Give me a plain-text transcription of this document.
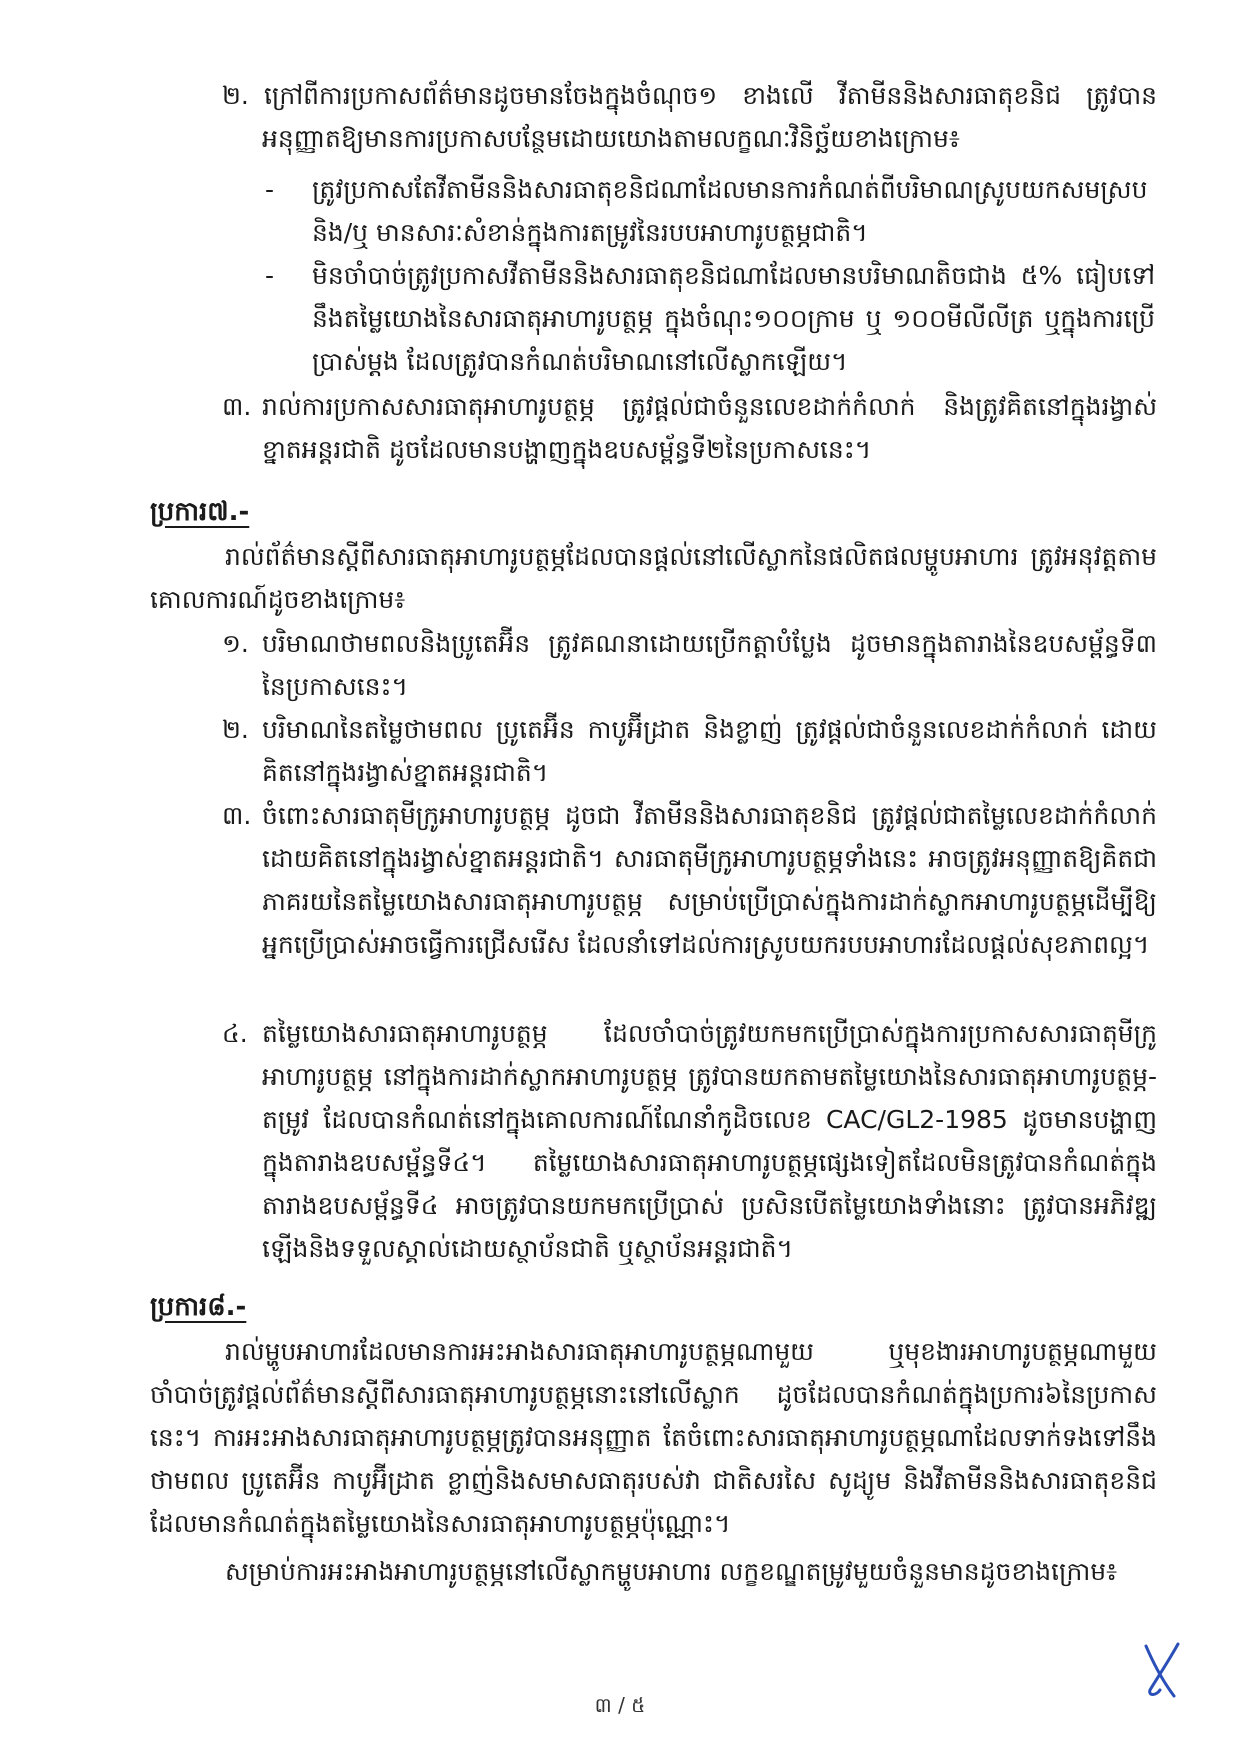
២. ក្រៅពីការប្រកាសព័ត៌មានដូចមានចែងក្នុងចំណុច១ ខាងលើ វីតាមីននិងសារធាតុខនិជ ត្រូវបានអនុញ្ញាតឱ្យមានការប្រកាសបន្ថែមដោយយោងតាមលក្ខណៈវិនិច្ឆ័យខាងក្រោម៖
- ត្រូវប្រកាសតែវីតាមីននិងសារធាតុខនិជណាដែលមានការកំណត់ពីបរិមាណស្រូបយកសមស្រប និង/ឬ មានសារៈសំខាន់ក្នុងការតម្រូវនៃរបបអាហារូបត្ថម្ភជាតិ។
- មិនចាំបាច់ត្រូវប្រកាសវីតាមីននិងសារធាតុខនិជណាដែលមានបរិមាណតិចជាង ៥% ធៀបទៅនឹងតម្លៃយោងនៃសារធាតុអាហារូបត្ថម្ភ ក្នុងចំណុះ១០០ក្រាម ឬ ១០០មីលីលីត្រ ឬក្នុងការប្រើប្រាស់ម្តង ដែលត្រូវបានកំណត់បរិមាណនៅលើស្លាកឡើយ។
៣. រាល់ការប្រកាសសារធាតុអាហារូបត្ថម្ភ ត្រូវផ្តល់ជាចំនួនលេខដាក់កំលាក់ និងត្រូវគិតនៅក្នុងរង្វាស់ខ្នាតអន្តរជាតិ ដូចដែលមានបង្ហាញក្នុងឧបសម្ព័ន្ធទី២នៃប្រកាសនេះ។
ប្រការ៧.-
រាល់ព័ត៌មានស្តីពីសារធាតុអាហារូបត្ថម្ភដែលបានផ្តល់នៅលើស្លាកនៃផលិតផលម្ហូបអាហារ ត្រូវអនុវត្តតាមគោលការណ៍ដូចខាងក្រោម៖
១. បរិមាណថាមពលនិងប្រូតេអ៊ីន ត្រូវគណនាដោយប្រើកត្តាបំប្លែង ដូចមានក្នុងតារាងនៃឧបសម្ព័ន្ធទី៣ នៃប្រកាសនេះ។
២. បរិមាណនៃតម្លៃថាមពល ប្រូតេអ៊ីន កាបូអ៊ីដ្រាត និងខ្លាញ់ ត្រូវផ្តល់ជាចំនួនលេខដាក់កំលាក់ ដោយគិតនៅក្នុងរង្វាស់ខ្នាតអន្តរជាតិ។
៣. ចំពោះសារធាតុមីក្រូអាហារូបត្ថម្ភ ដូចជា វីតាមីននិងសារធាតុខនិជ ត្រូវផ្តល់ជាតម្លៃលេខដាក់កំលាក់ដោយគិតនៅក្នុងរង្វាស់ខ្នាតអន្តរជាតិ។ សារធាតុមីក្រូអាហារូបត្ថម្ភទាំងនេះ អាចត្រូវអនុញ្ញាតឱ្យគិតជាភាគរយនៃតម្លៃយោងសារធាតុអាហារូបត្ថម្ភ សម្រាប់ប្រើប្រាស់ក្នុងការដាក់ស្លាកអាហារូបត្ថម្ភដើម្បីឱ្យអ្នកប្រើប្រាស់អាចធ្វើការជ្រើសរើស ដែលនាំទៅដល់ការស្រូបយករបបអាហារដែលផ្តល់សុខភាពល្អ។
៤. តម្លៃយោងសារធាតុអាហារូបត្ថម្ភ ដែលចាំបាច់ត្រូវយកមកប្រើប្រាស់ក្នុងការប្រកាសសារធាតុមីក្រូអាហារូបត្ថម្ភ នៅក្នុងការដាក់ស្លាកអាហារូបត្ថម្ភ ត្រូវបានយកតាមតម្លៃយោងនៃសារធាតុអាហារូបត្ថម្ភ-តម្រូវ ដែលបានកំណត់នៅក្នុងគោលការណ៍ណែនាំកូដិចលេខ CAC/GL2-1985 ដូចមានបង្ហាញក្នុងតារាងឧបសម្ព័ន្ធទី៤។ តម្លៃយោងសារធាតុអាហារូបត្ថម្ភផ្សេងទៀតដែលមិនត្រូវបានកំណត់ក្នុងតារាងឧបសម្ព័ន្ធទី៤ អាចត្រូវបានយកមកប្រើប្រាស់ ប្រសិនបើតម្លៃយោងទាំងនោះ ត្រូវបានអភិវឌ្ឍឡើងនិងទទួលស្គាល់ដោយស្ថាប័នជាតិ ឬស្ថាប័នអន្តរជាតិ។
ប្រការ៨.-
រាល់ម្ហូបអាហារដែលមានការអះអាងសារធាតុអាហារូបត្ថម្ភណាមួយ ឬមុខងារអាហារូបត្ថម្ភណាមួយ ចាំបាច់ត្រូវផ្តល់ព័ត៌មានស្តីពីសារធាតុអាហារូបត្ថម្ភនោះនៅលើស្លាក ដូចដែលបានកំណត់ក្នុងប្រការ៦នៃប្រកាសនេះ។ ការអះអាងសារធាតុអាហារូបត្ថម្ភត្រូវបានអនុញ្ញាត តែចំពោះសារធាតុអាហារូបត្ថម្ភណាដែលទាក់ទងទៅនឹងថាមពល ប្រូតេអ៊ីន កាបូអ៊ីដ្រាត ខ្លាញ់និងសមាសធាតុរបស់វា ជាតិសរសៃ សូដ្យូម និងវីតាមីននិងសារធាតុខនិជដែលមានកំណត់ក្នុងតម្លៃយោងនៃសារធាតុអាហារូបត្ថម្ភប៉ុណ្ណោះ។
សម្រាប់ការអះអាងអាហារូបត្ថម្ភនៅលើស្លាកម្ហូបអាហារ លក្ខខណ្ឌតម្រូវមួយចំនួនមានដូចខាងក្រោម៖
៣ / ៥
